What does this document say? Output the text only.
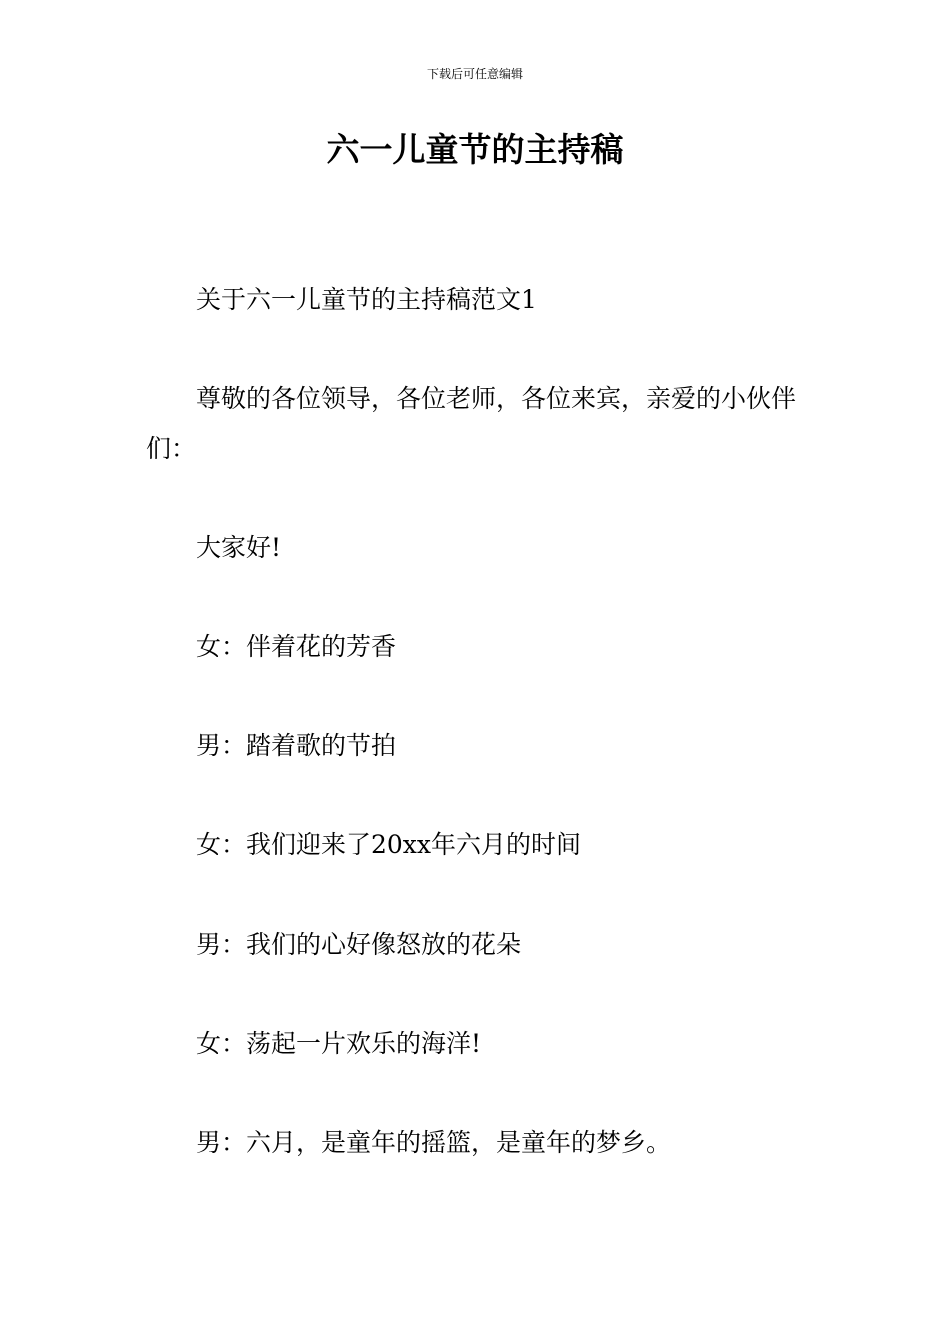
下载后可任意编辑
六一儿童节的主持稿

关于六一儿童节的主持稿范文1

尊敬的各位领导，各位老师，各位来宾，亲爱的小伙伴们：

大家好!

女：伴着花的芳香

男：踏着歌的节拍

女：我们迎来了20xx年六月的时间

男：我们的心好像怒放的花朵

女：荡起一片欢乐的海洋!

男：六月，是童年的摇篮，是童年的梦乡。
